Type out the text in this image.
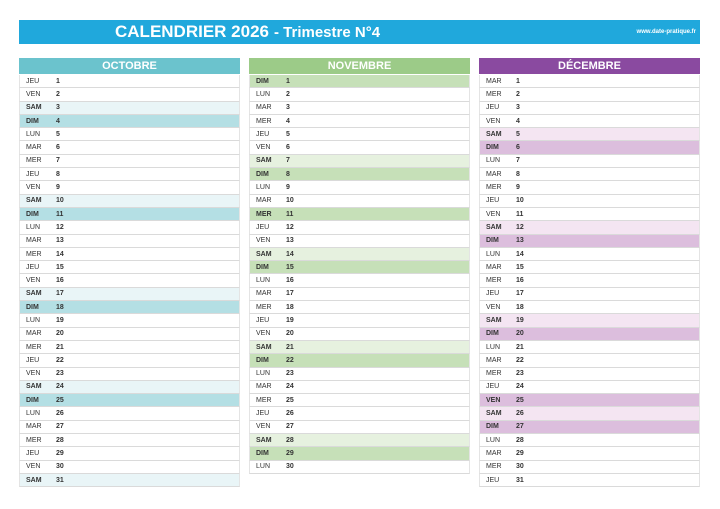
CALENDRIER 2026 - Trimestre N°4	www.date-pratique.fr
OCTOBRE
JEU	1
VEN	2
SAM	3
DIM	4
LUN	5
MAR	6
MER	7
JEU	8
VEN	9
SAM	10
DIM	11
LUN	12
MAR	13
MER	14
JEU	15
VEN	16
SAM	17
DIM	18
LUN	19
MAR	20
MER	21
JEU	22
VEN	23
SAM	24
DIM	25
LUN	26
MAR	27
MER	28
JEU	29
VEN	30
SAM	31
NOVEMBRE
DIM	1
LUN	2
MAR	3
MER	4
JEU	5
VEN	6
SAM	7
DIM	8
LUN	9
MAR	10
MER	11
JEU	12
VEN	13
SAM	14
DIM	15
LUN	16
MAR	17
MER	18
JEU	19
VEN	20
SAM	21
DIM	22
LUN	23
MAR	24
MER	25
JEU	26
VEN	27
SAM	28
DIM	29
LUN	30
DÉCEMBRE
MAR	1
MER	2
JEU	3
VEN	4
SAM	5
DIM	6
LUN	7
MAR	8
MER	9
JEU	10
VEN	11
SAM	12
DIM	13
LUN	14
MAR	15
MER	16
JEU	17
VEN	18
SAM	19
DIM	20
LUN	21
MAR	22
MER	23
JEU	24
VEN	25
SAM	26
DIM	27
LUN	28
MAR	29
MER	30
JEU	31
